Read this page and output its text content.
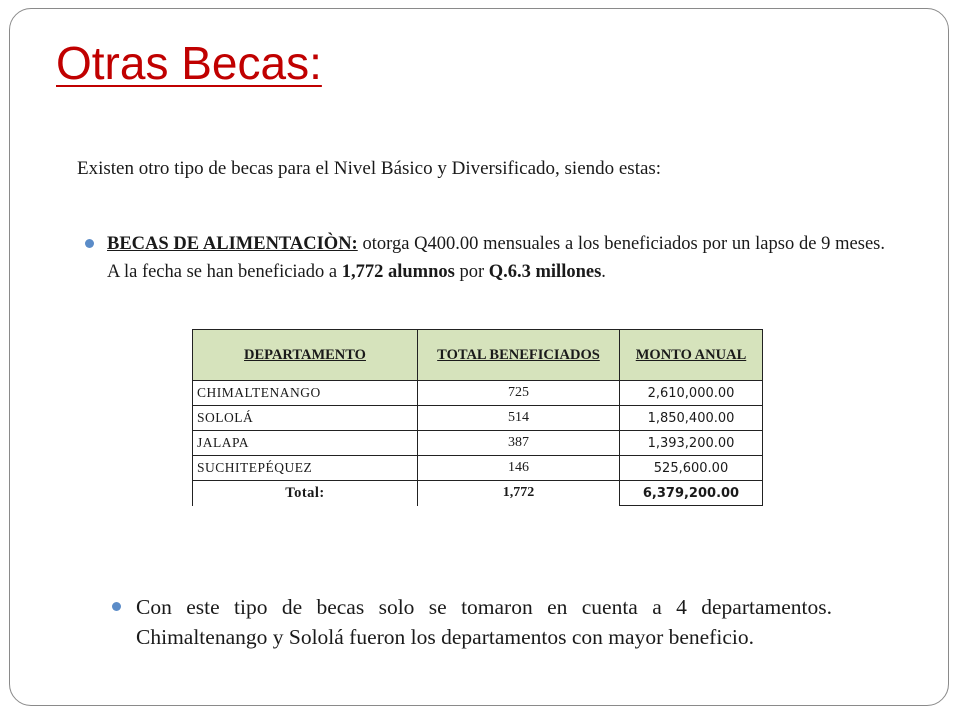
Otras Becas:
Existen otro tipo de becas para el Nivel Básico y Diversificado, siendo estas:
BECAS DE ALIMENTACIÒN: otorga Q400.00 mensuales a los beneficiados por un lapso de 9 meses. A la fecha se han beneficiado a 1,772 alumnos por Q.6.3 millones.
DEPARTAMENTO	TOTAL BENEFICIADOS	MONTO ANUAL
CHIMALTENANGO	725	2,610,000.00
SOLOLÁ	514	1,850,400.00
JALAPA	387	1,393,200.00
SUCHITEPÉQUEZ	146	525,600.00
Total:	1,772	6,379,200.00
Con este tipo de becas solo se tomaron en cuenta a 4 departamentos. Chimaltenango y Sololá fueron los departamentos con mayor beneficio.
